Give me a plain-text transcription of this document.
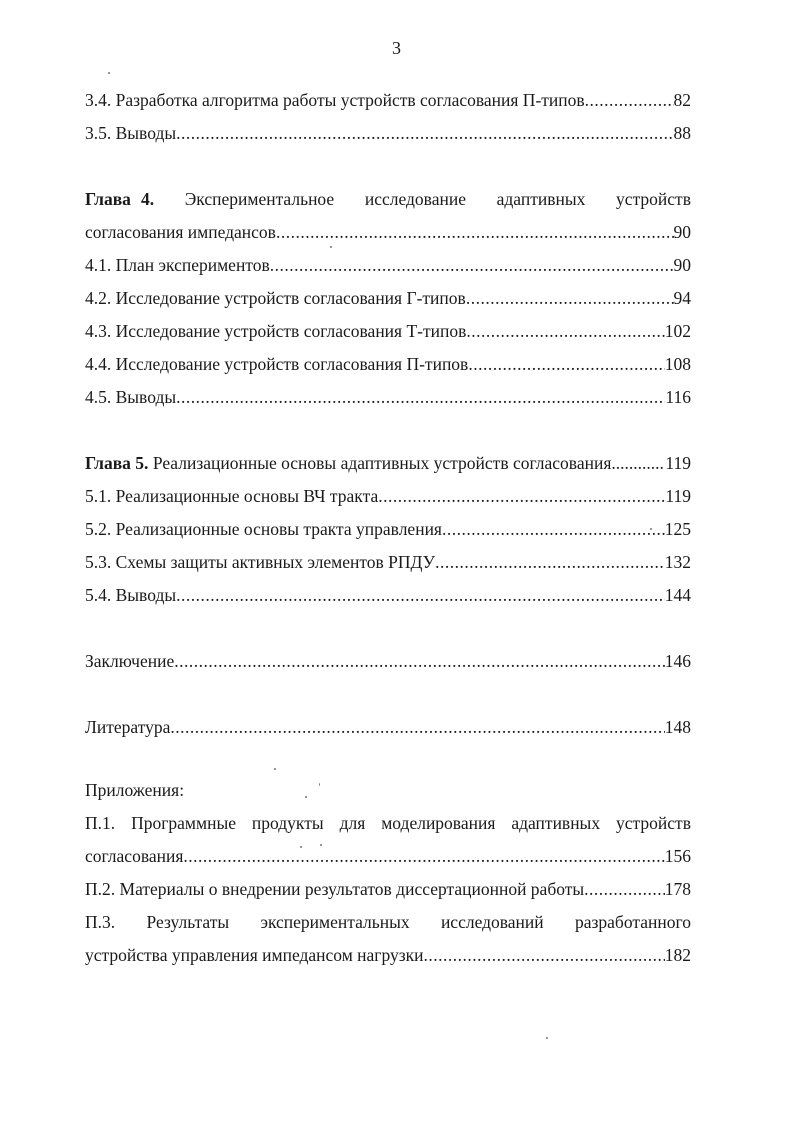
3
3.4. Разработка алгоритма работы устройств согласования П-типов .....	82
3.5. Выводы .....	88
Глава 4. Экспериментальное исследование адаптивных устройств
согласования импедансов .....	90
4.1. План экспериментов .....	90
4.2. Исследование устройств согласования Г-типов .....	94
4.3. Исследование устройств согласования Т-типов .....	102
4.4. Исследование устройств согласования П-типов .....	108
4.5. Выводы .....	116
Глава 5. Реализационные основы адаптивных устройств согласования .....	119
5.1. Реализационные основы ВЧ тракта .....	119
5.2. Реализационные основы тракта управления .....	125
5.3. Схемы защиты активных элементов РПДУ .....	132
5.4. Выводы .....	144
Заключение .....	146
Литература .....	148
Приложения:
П.1. Программные продукты для моделирования адаптивных устройств
согласования .....	156
П.2. Материалы о внедрении результатов диссертационной работы .....	178
П.3. Результаты экспериментальных исследований разработанного
устройства управления импедансом нагрузки .....	182
